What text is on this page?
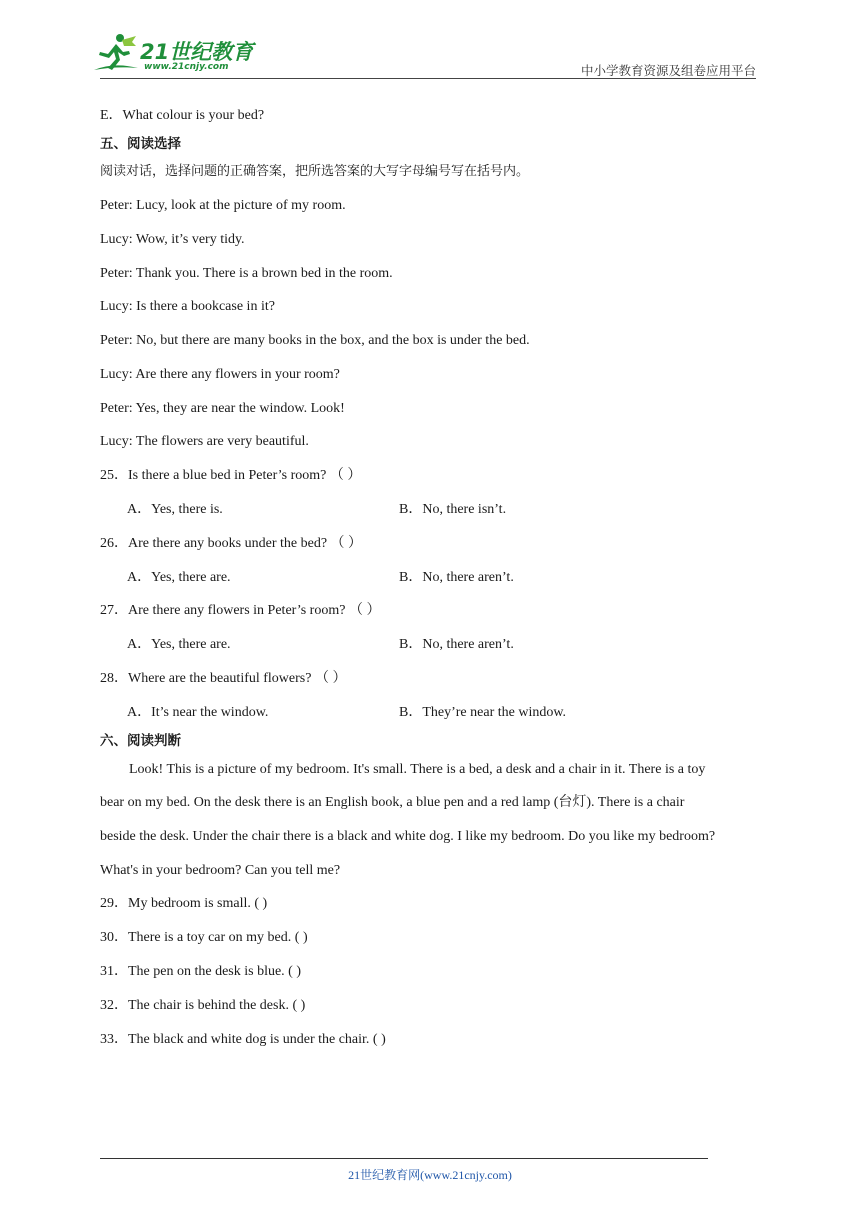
21世纪教育
www.21cnjy.com	中小学教育资源及组卷应用平台
E．What colour is your bed?
五、阅读选择
阅读对话，选择问题的正确答案，把所选答案的大写字母编号写在括号内。
Peter: Lucy, look at the picture of my room.
Lucy: Wow, it’s very tidy.
Peter: Thank you. There is a brown bed in the room.
Lucy: Is there a bookcase in it?
Peter: No, but there are many books in the box, and the box is under the bed.
Lucy: Are there any flowers in your room?
Peter: Yes, they are near the window. Look!
Lucy: The flowers are very beautiful.
25．Is there a blue bed in Peter’s room? （ ）
A．Yes, there is.	B．No, there isn’t.
26．Are there any books under the bed? （ ）
A．Yes, there are.	B．No, there aren’t.
27．Are there any flowers in Peter’s room? （ ）
A．Yes, there are.	B．No, there aren’t.
28．Where are the beautiful flowers? （ ）
A．It’s near the window.	B．They’re near the window.
六、阅读判断
Look! This is a picture of my bedroom. It's small. There is a bed, a desk and a chair in it. There is a toy
bear on my bed. On the desk there is an English book, a blue pen and a red lamp (台灯). There is a chair
beside the desk. Under the chair there is a black and white dog. I like my bedroom. Do you like my bedroom?
What's in your bedroom? Can you tell me?
29．My bedroom is small. ( )
30．There is a toy car on my bed. ( )
31．The pen on the desk is blue. ( )
32．The chair is behind the desk. ( )
33．The black and white dog is under the chair. ( )
21世纪教育网(www.21cnjy.com)
